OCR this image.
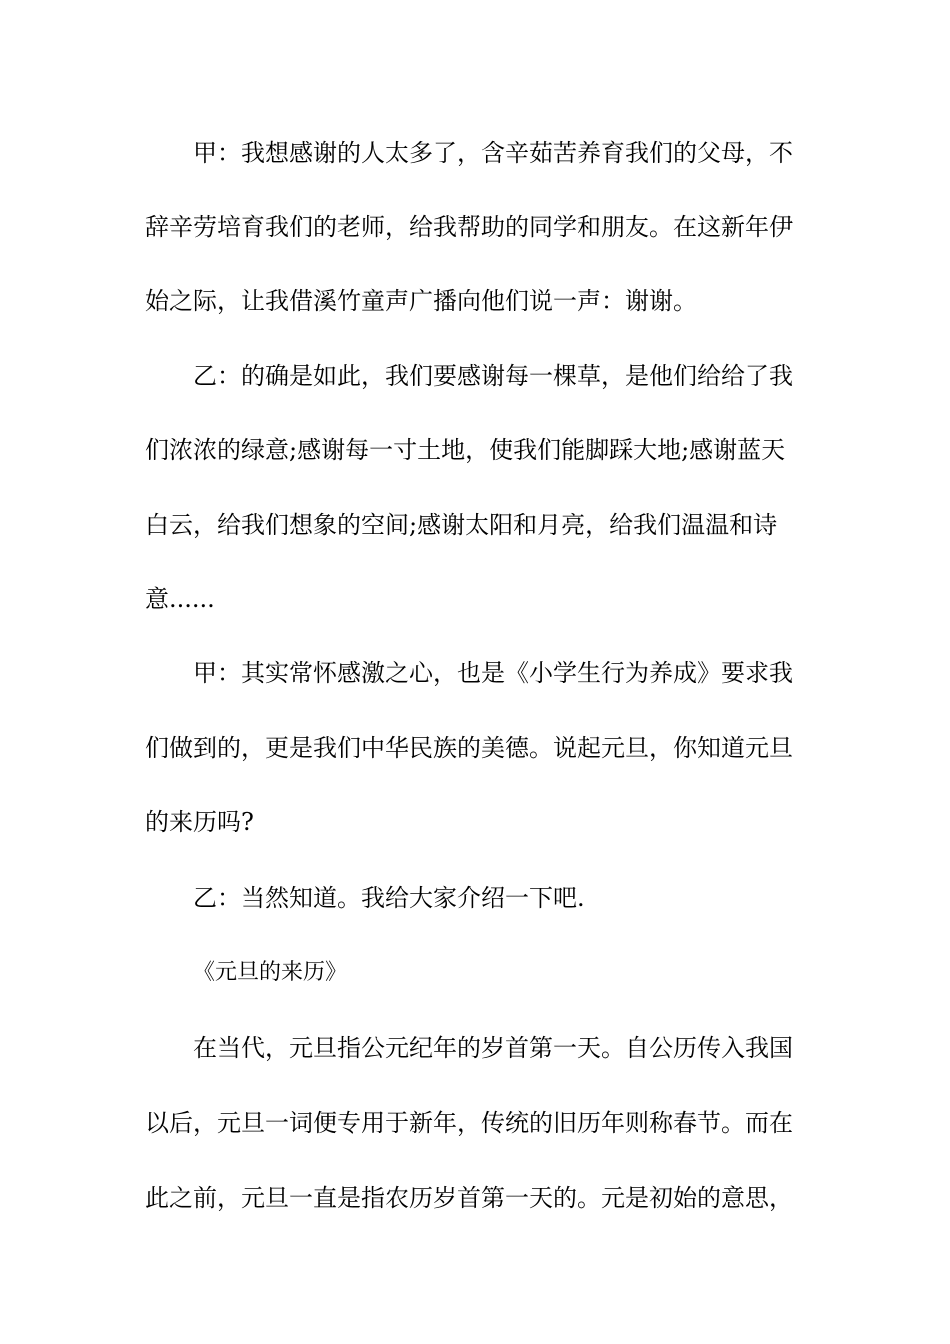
甲：我想感谢的人太多了，含辛茹苦养育我们的父母，不
辞辛劳培育我们的老师，给我帮助的同学和朋友。在这新年伊
始之际，让我借溪竹童声广播向他们说一声：谢谢。
乙：的确是如此，我们要感谢每一棵草，是他们给给了我
们浓浓的绿意;感谢每一寸土地，使我们能脚踩大地;感谢蓝天
白云，给我们想象的空间;感谢太阳和月亮，给我们温温和诗
意......
甲：其实常怀感激之心，也是《小学生行为养成》要求我
们做到的，更是我们中华民族的美德。说起元旦，你知道元旦
的来历吗?
乙：当然知道。我给大家介绍一下吧.
《元旦的来历》
在当代，元旦指公元纪年的岁首第一天。自公历传入我国
以后，元旦一词便专用于新年，传统的旧历年则称春节。而在
此之前，元旦一直是指农历岁首第一天的。元是初始的意思，
